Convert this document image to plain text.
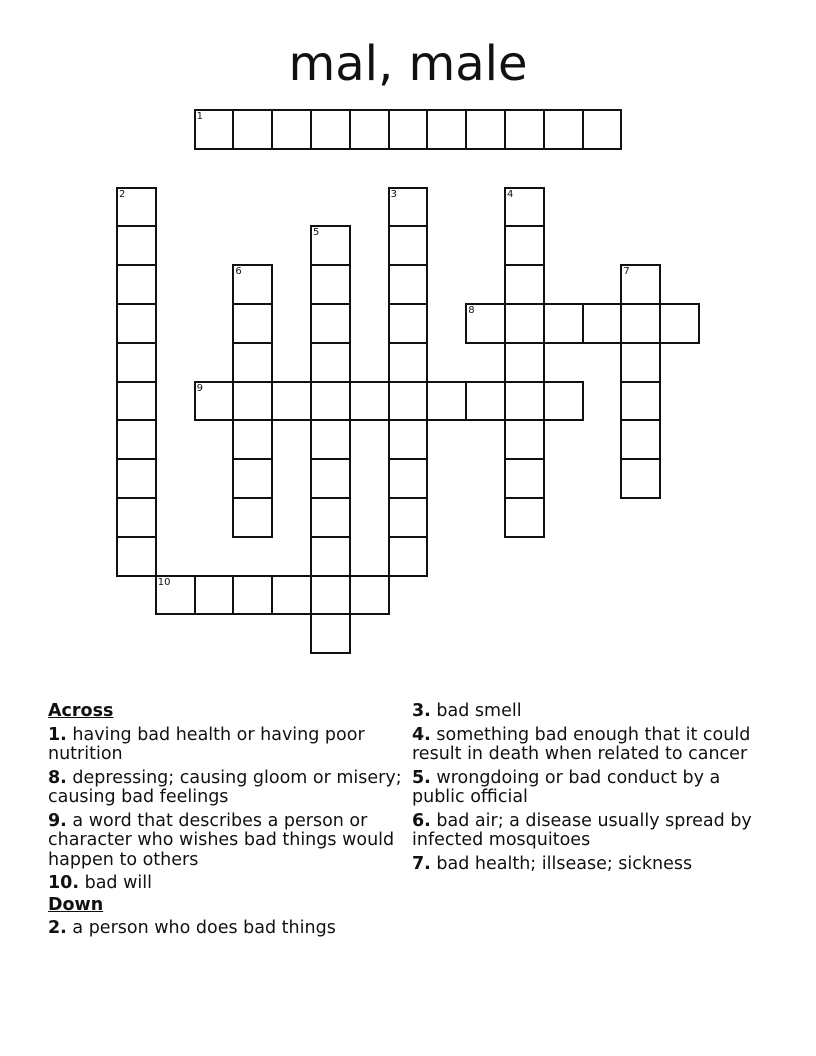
mal, male
1
2	3	4
5
6	7
8
9
10
Across
1. having bad health or having poor nutrition
8. depressing; causing gloom or misery; causing bad feelings
9. a word that describes a person or character who wishes bad things would happen to others
10. bad will
Down
2. a person who does bad things
3. bad smell
4. something bad enough that it could result in death when related to cancer
5. wrongdoing or bad conduct by a public official
6. bad air; a disease usually spread by infected mosquitoes
7. bad health; illsease; sickness
